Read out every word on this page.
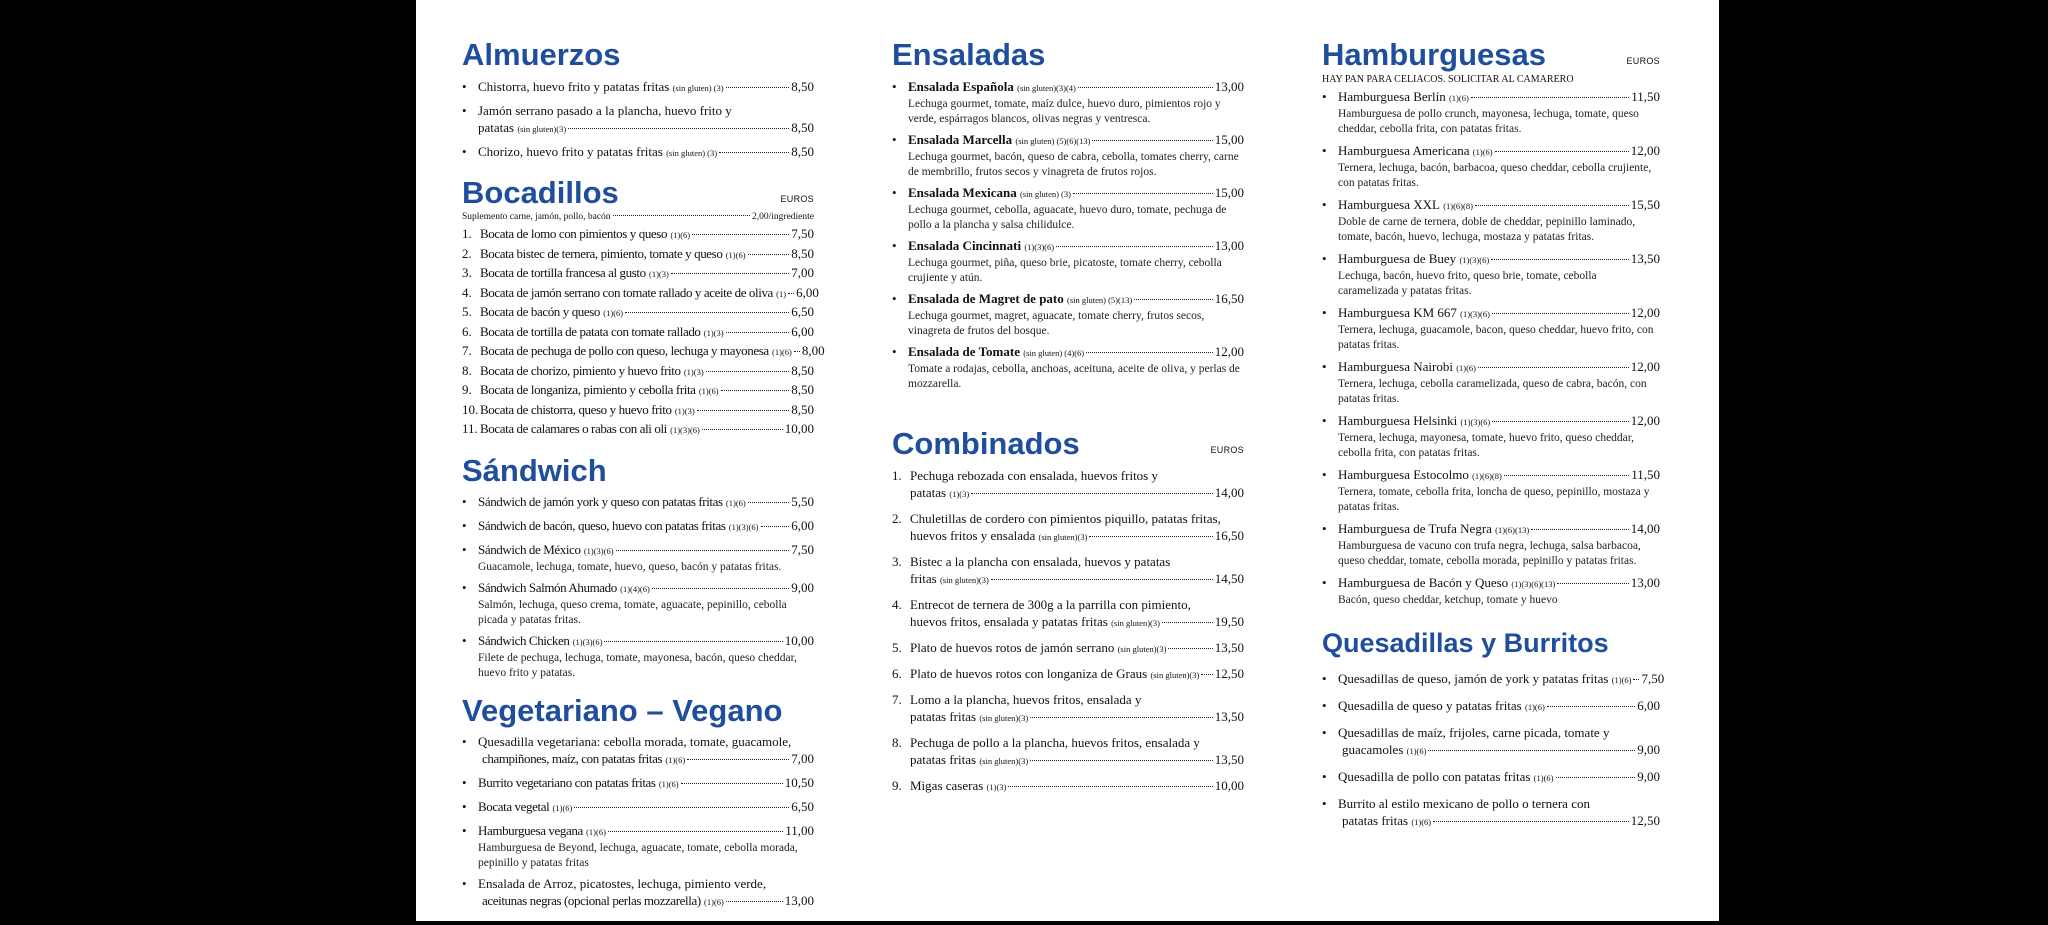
Almuerzos
• Chistorra, huevo frito y patatas fritas
(sin gluten) (3)	8,50
• Jamón serrano pasado a la plancha, huevo frito y
patatas
(sin gluten)(3)	8,50
• Chorizo, huevo frito y patatas fritas
(sin gluten) (3)	8,50
Bocadillos	EUROS
Suplemento carne, jamón, pollo, bacón	2,00/ingrediente
1. Bocata de lomo con pimientos y queso
(1)(6)	7,50
2. Bocata bistec de ternera, pimiento, tomate y queso
(1)(6)	8,50
3. Bocata de tortilla francesa al gusto
(1)(3)	7,00
4. Bocata de jamón serrano con tomate rallado y aceite de oliva
(1) 6,00
5. Bocata de bacón y queso
(1)(6)	6,50
6. Bocata de tortilla de patata con tomate rallado
(1)(3)	6,00
7. Bocata de pechuga de pollo con queso, lechuga y mayonesa
(1)(6) 8,00
8. Bocata de chorizo, pimiento y huevo frito
(1)(3)	8,50
9. Bocata de longaniza, pimiento y cebolla frita
(1)(6)	8,50
10. Bocata de chistorra, queso y huevo frito
(1)(3)	8,50
11. Bocata de calamares o rabas con ali oli
(1)(3)(6)	10,00
Sándwich
• Sándwich de jamón york y queso con patatas fritas
(1)(6)	5,50
• Sándwich de bacón, queso, huevo con patatas fritas
(1)(3)(6)	6,00
• Sándwich de México
(1)(3)(6)	7,50
Guacamole, lechuga, tomate, huevo, queso, bacón y patatas fritas.
• Sándwich Salmón Ahumado
(1)(4)(6)	9,00
Salmón, lechuga, queso crema, tomate, aguacate, pepinillo, cebolla picada y patatas fritas.
• Sándwich Chicken
(1)(3)(6)	10,00
Filete de pechuga, lechuga, tomate, mayonesa, bacón, queso cheddar, huevo frito y patatas.
Vegetariano – Vegano
• Quesadilla vegetariana: cebolla morada, tomate, guacamole,
champiñones, maíz, con patatas fritas
(1)(6)	7,00
• Burrito vegetariano con patatas fritas
(1)(6)	10,50
• Bocata vegetal
(1)(6)	6,50
• Hamburguesa vegana
(1)(6)	11,00
Hamburguesa de Beyond, lechuga, aguacate, tomate, cebolla morada, pepinillo y patatas fritas
• Ensalada de Arroz, picatostes, lechuga, pimiento verde,
aceitunas negras (opcional perlas mozzarella)
(1)(6)	13,00
Ensaladas
• Ensalada Española
(sin gluten)(3)(4)	13,00
Lechuga gourmet, tomate, maíz dulce, huevo duro, pimientos rojo y verde, espárragos blancos, olivas negras y ventresca.
• Ensalada Marcella
(sin gluten) (5)(6)(13)	15,00
Lechuga gourmet, bacón, queso de cabra, cebolla, tomates cherry, carne de membrillo, frutos secos y vinagreta de frutos rojos.
• Ensalada Mexicana
(sin gluten) (3)	15,00
Lechuga gourmet, cebolla, aguacate, huevo duro, tomate, pechuga de pollo a la plancha y salsa chilidulce.
• Ensalada Cincinnati
(1)(3)(6)	13,00
Lechuga gourmet, piña, queso brie, picatoste, tomate cherry, cebolla crujiente y atún.
• Ensalada de Magret de pato
(sin gluten) (5)(13)	16,50
Lechuga gourmet, magret, aguacate, tomate cherry, frutos secos, vinagreta de frutos del bosque.
• Ensalada de Tomate
(sin gluten) (4)(6)	12,00
Tomate a rodajas, cebolla, anchoas, aceituna, aceite de oliva, y perlas de mozzarella.
Combinados	EUROS
1. Pechuga rebozada con ensalada, huevos fritos y
patatas
(1)(3)	14,00
2. Chuletillas de cordero con pimientos piquillo, patatas fritas,
huevos fritos y ensalada
(sin gluten)(3)	16,50
3. Bistec a la plancha con ensalada, huevos y patatas
fritas
(sin gluten)(3)	14,50
4. Entrecot de ternera de 300g a la parrilla con pimiento,
huevos fritos, ensalada y patatas fritas
(sin gluten)(3)	19,50
5. Plato de huevos rotos de jamón serrano
(sin gluten)(3)	13,50
6. Plato de huevos rotos con longaniza de Graus
(sin gluten)(3) 12,50
7. Lomo a la plancha, huevos fritos, ensalada y
patatas fritas
(sin gluten)(3)	13,50
8. Pechuga de pollo a la plancha, huevos fritos, ensalada y
patatas fritas
(sin gluten)(3)	13,50
9. Migas caseras
(1)(3)	10,00
Hamburguesas	EUROS
HAY PAN PARA CELIACOS. SOLICITAR AL CAMARERO
• Hamburguesa Berlín
(1)(6)	11,50
Hamburguesa de pollo crunch, mayonesa, lechuga, tomate, queso cheddar, cebolla frita, con patatas fritas.
• Hamburguesa Americana
(1)(6)	12,00
Ternera, lechuga, bacón, barbacoa, queso cheddar, cebolla crujiente, con patatas fritas.
• Hamburguesa XXL
(1)(6)(8)	15,50
Doble de carne de ternera, doble de cheddar, pepinillo laminado, tomate, bacón, huevo, lechuga, mostaza y patatas fritas.
• Hamburguesa de Buey
(1)(3)(6)	13,50
Lechuga, bacón, huevo frito, queso brie, tomate, cebolla caramelizada y patatas fritas.
• Hamburguesa KM 667
(1)(3)(6)	12,00
Ternera, lechuga, guacamole, bacon, queso cheddar, huevo frito, con patatas fritas.
• Hamburguesa Nairobi
(1)(6)	12,00
Ternera, lechuga, cebolla caramelizada, queso de cabra, bacón, con patatas fritas.
• Hamburguesa Helsinki
(1)(3)(6)	12,00
Ternera, lechuga, mayonesa, tomate, huevo frito, queso cheddar, cebolla frita, con patatas fritas.
• Hamburguesa Estocolmo
(1)(6)(8)	11,50
Ternera, tomate, cebolla frita, loncha de queso, pepinillo, mostaza y patatas fritas.
• Hamburguesa de Trufa Negra
(1)(6)(13)	14,00
Hamburguesa de vacuno con trufa negra, lechuga, salsa barbacoa, queso cheddar, tomate, cebolla morada, pepinillo y patatas fritas.
• Hamburguesa de Bacón y Queso
(1)(3)(6)(13)	13,00
Bacón, queso cheddar, ketchup, tomate y huevo
Quesadillas y Burritos
• Quesadillas de queso, jamón de york y patatas fritas
(1)(6) 7,50
• Quesadilla de queso y patatas fritas
(1)(6)	6,00
• Quesadillas de maíz, frijoles, carne picada, tomate y
guacamoles
(1)(6)	9,00
• Quesadilla de pollo con patatas fritas
(1)(6)	9,00
• Burrito al estilo mexicano de pollo o ternera con
patatas fritas
(1)(6)	12,50
